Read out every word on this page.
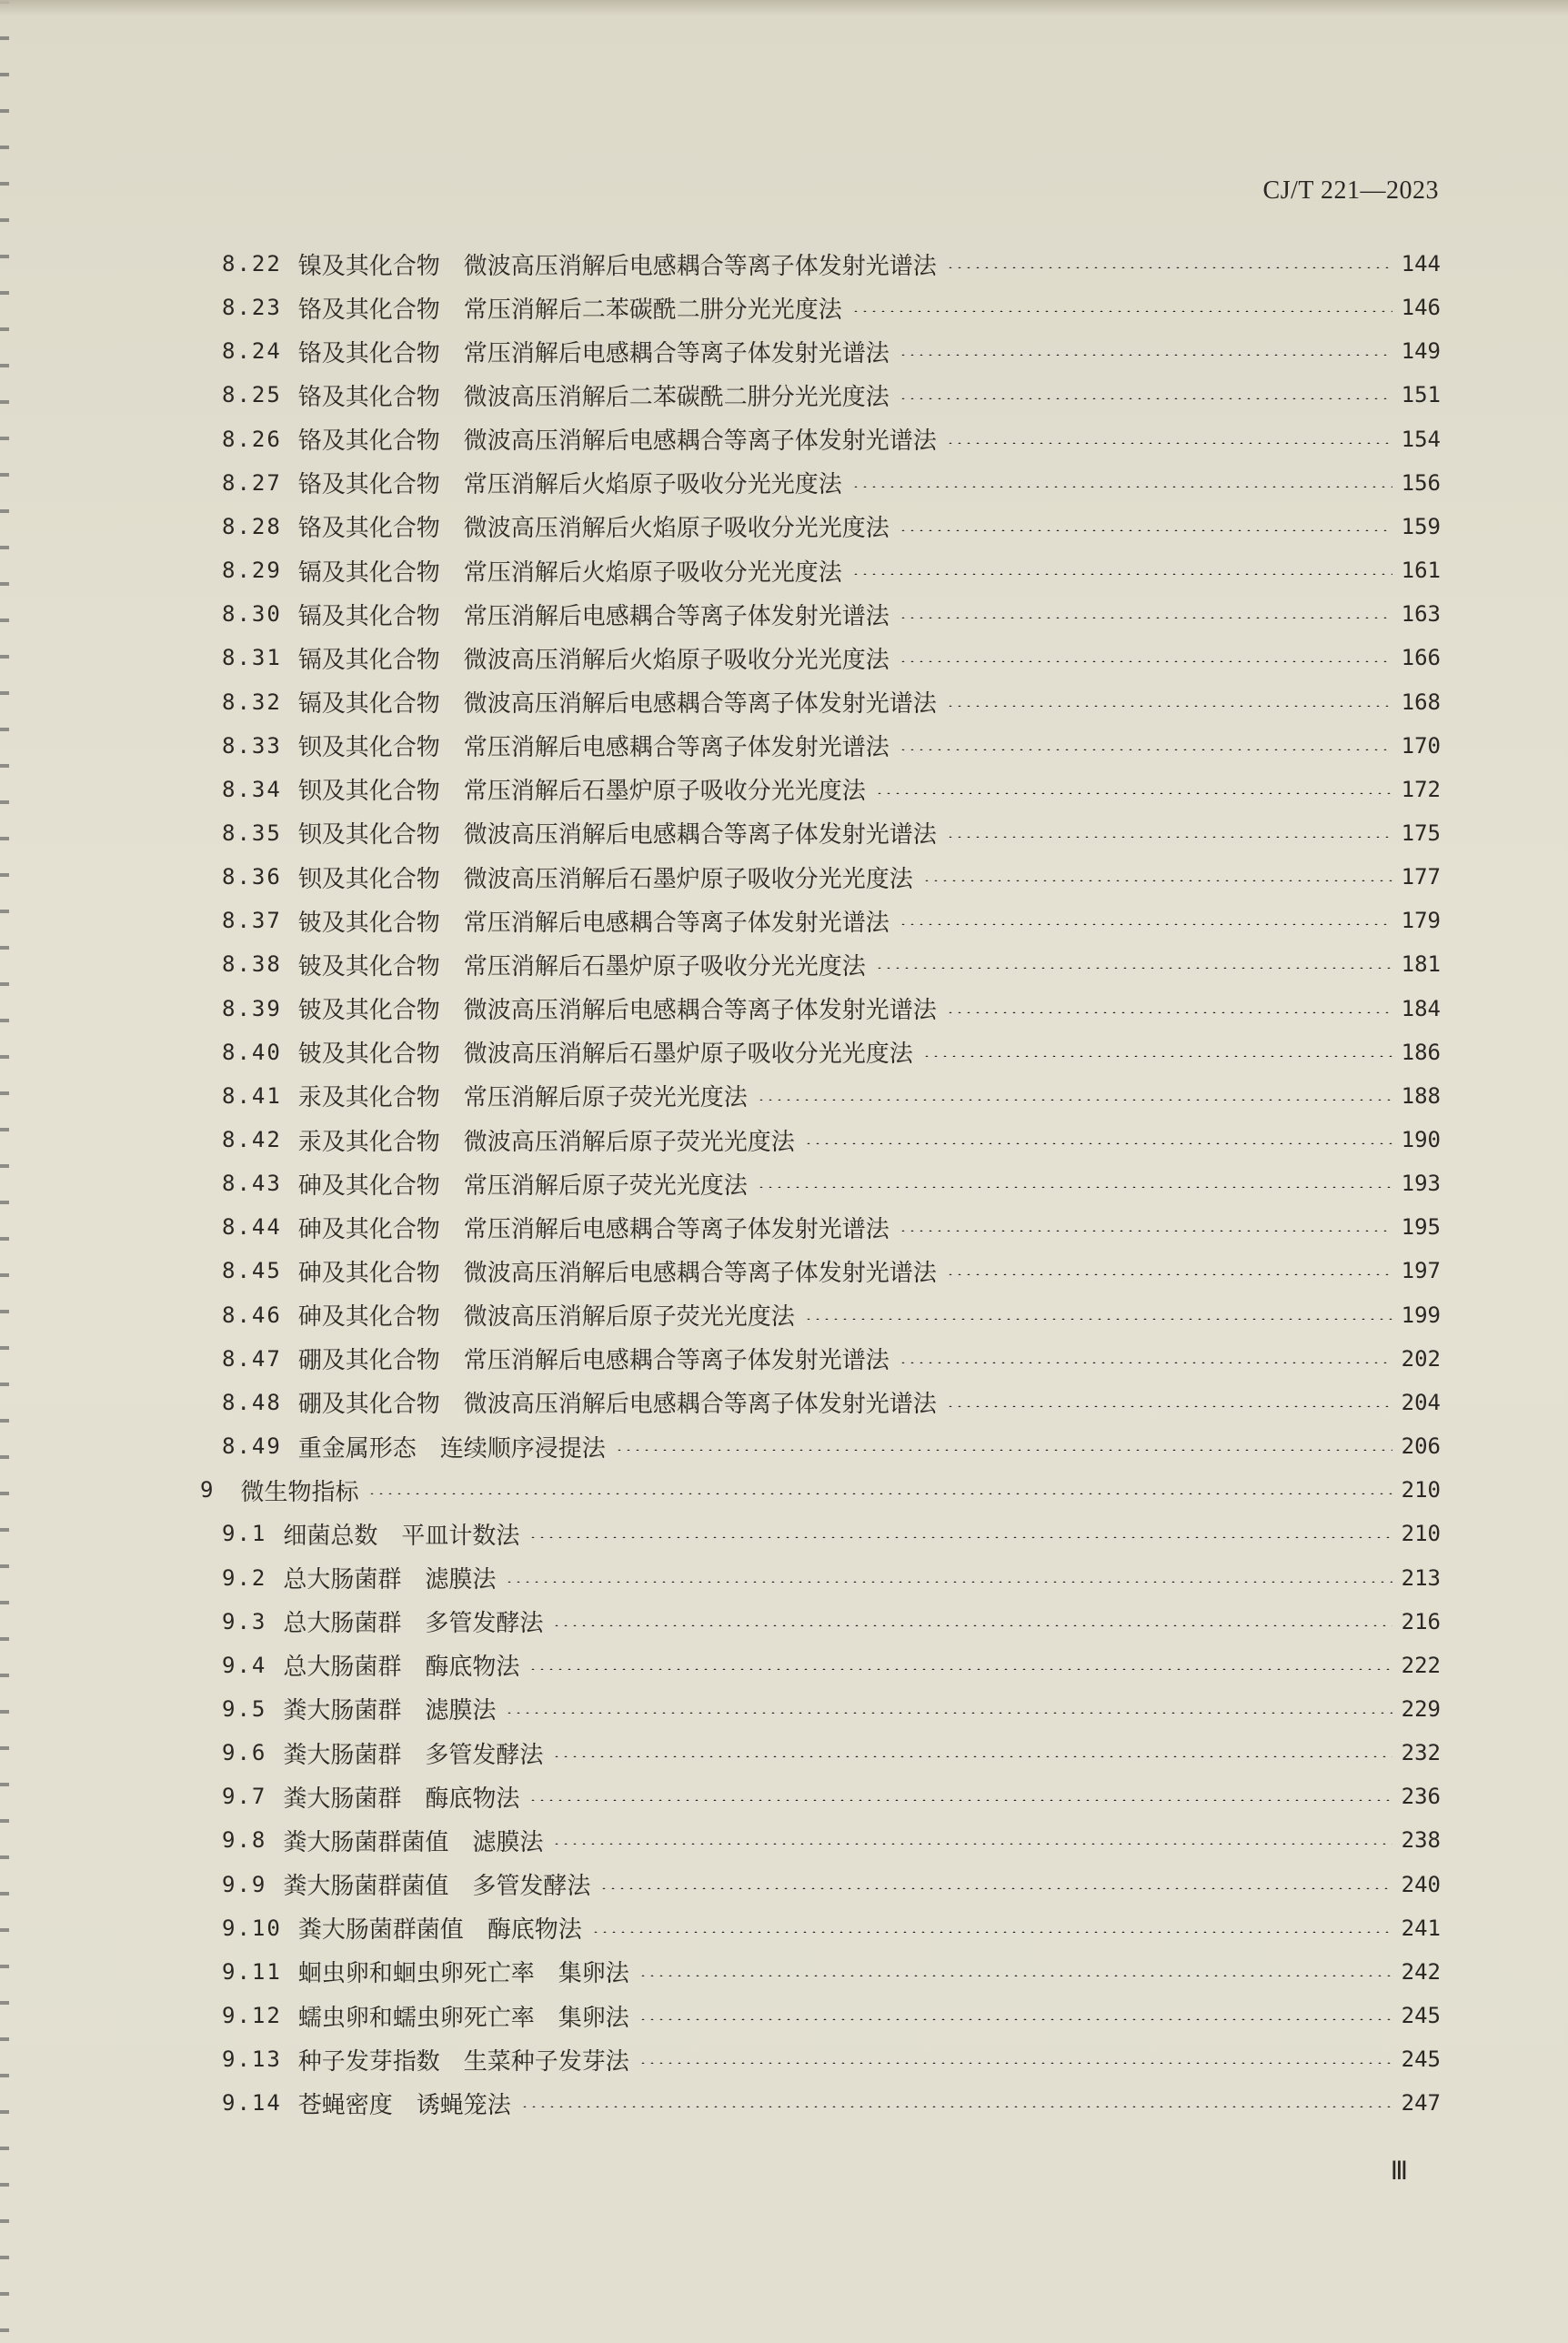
CJ/T 221—2023
8.22 镍及其化合物　微波高压消解后电感耦合等离子体发射光谱法	144
8.23 铬及其化合物　常压消解后二苯碳酰二肼分光光度法	146
8.24 铬及其化合物　常压消解后电感耦合等离子体发射光谱法	149
8.25 铬及其化合物　微波高压消解后二苯碳酰二肼分光光度法	151
8.26 铬及其化合物　微波高压消解后电感耦合等离子体发射光谱法	154
8.27 铬及其化合物　常压消解后火焰原子吸收分光光度法	156
8.28 铬及其化合物　微波高压消解后火焰原子吸收分光光度法	159
8.29 镉及其化合物　常压消解后火焰原子吸收分光光度法	161
8.30 镉及其化合物　常压消解后电感耦合等离子体发射光谱法	163
8.31 镉及其化合物　微波高压消解后火焰原子吸收分光光度法	166
8.32 镉及其化合物　微波高压消解后电感耦合等离子体发射光谱法	168
8.33 钡及其化合物　常压消解后电感耦合等离子体发射光谱法	170
8.34 钡及其化合物　常压消解后石墨炉原子吸收分光光度法	172
8.35 钡及其化合物　微波高压消解后电感耦合等离子体发射光谱法	175
8.36 钡及其化合物　微波高压消解后石墨炉原子吸收分光光度法	177
8.37 铍及其化合物　常压消解后电感耦合等离子体发射光谱法	179
8.38 铍及其化合物　常压消解后石墨炉原子吸收分光光度法	181
8.39 铍及其化合物　微波高压消解后电感耦合等离子体发射光谱法	184
8.40 铍及其化合物　微波高压消解后石墨炉原子吸收分光光度法	186
8.41 汞及其化合物　常压消解后原子荧光光度法	188
8.42 汞及其化合物　微波高压消解后原子荧光光度法	190
8.43 砷及其化合物　常压消解后原子荧光光度法	193
8.44 砷及其化合物　常压消解后电感耦合等离子体发射光谱法	195
8.45 砷及其化合物　微波高压消解后电感耦合等离子体发射光谱法	197
8.46 砷及其化合物　微波高压消解后原子荧光光度法	199
8.47 硼及其化合物　常压消解后电感耦合等离子体发射光谱法	202
8.48 硼及其化合物　微波高压消解后电感耦合等离子体发射光谱法	204
8.49 重金属形态　连续顺序浸提法	206
9 微生物指标	210
9.1 细菌总数　平皿计数法	210
9.2 总大肠菌群　滤膜法	213
9.3 总大肠菌群　多管发酵法	216
9.4 总大肠菌群　酶底物法	222
9.5 粪大肠菌群　滤膜法	229
9.6 粪大肠菌群　多管发酵法	232
9.7 粪大肠菌群　酶底物法	236
9.8 粪大肠菌群菌值　滤膜法	238
9.9 粪大肠菌群菌值　多管发酵法	240
9.10 粪大肠菌群菌值　酶底物法	241
9.11 蛔虫卵和蛔虫卵死亡率　集卵法	242
9.12 蠕虫卵和蠕虫卵死亡率　集卵法	245
9.13 种子发芽指数　生菜种子发芽法	245
9.14 苍蝇密度　诱蝇笼法	247
Ⅲ
